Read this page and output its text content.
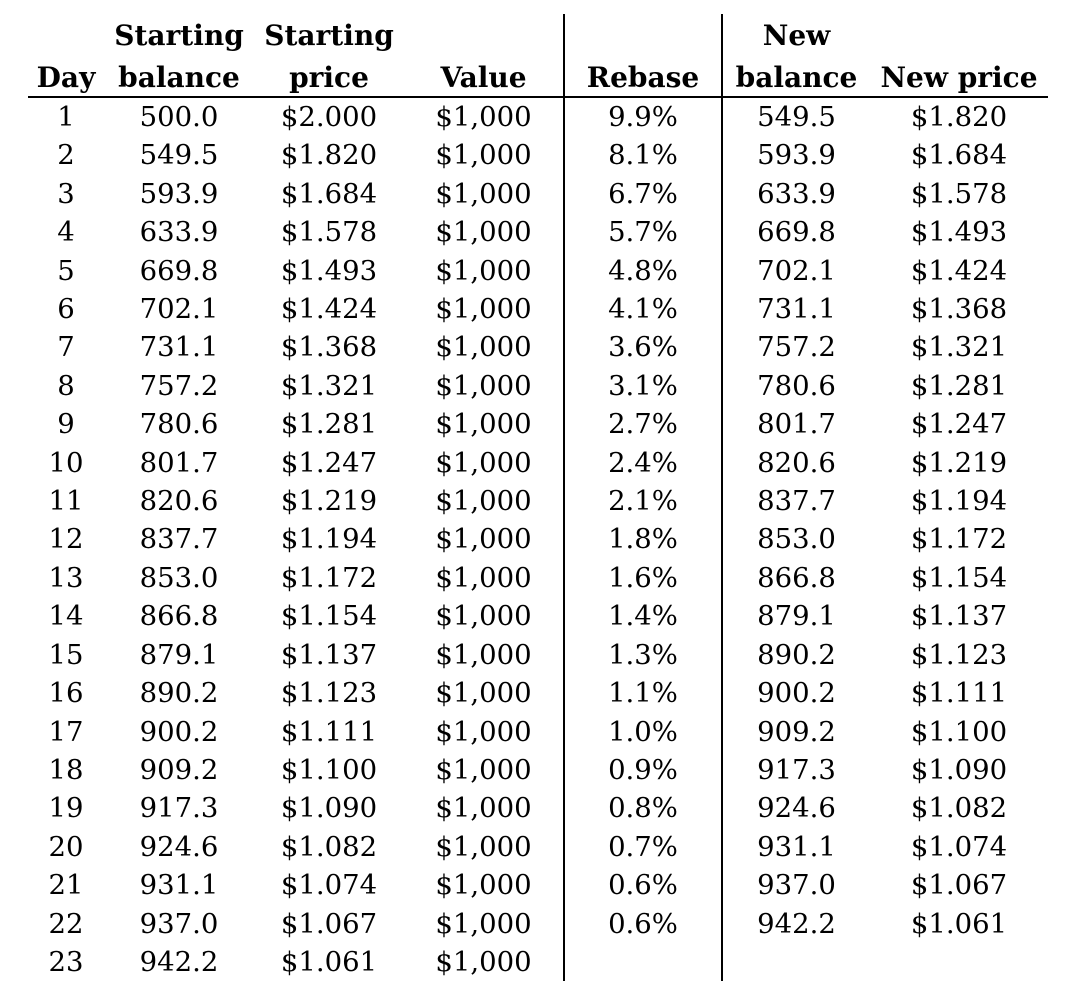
	Starting	Starting			New	
Day	balance	price	Value	Rebase	balance	New price
1	500.0	$2.000	$1,000	9.9%	549.5	$1.820
2	549.5	$1.820	$1,000	8.1%	593.9	$1.684
3	593.9	$1.684	$1,000	6.7%	633.9	$1.578
4	633.9	$1.578	$1,000	5.7%	669.8	$1.493
5	669.8	$1.493	$1,000	4.8%	702.1	$1.424
6	702.1	$1.424	$1,000	4.1%	731.1	$1.368
7	731.1	$1.368	$1,000	3.6%	757.2	$1.321
8	757.2	$1.321	$1,000	3.1%	780.6	$1.281
9	780.6	$1.281	$1,000	2.7%	801.7	$1.247
10	801.7	$1.247	$1,000	2.4%	820.6	$1.219
11	820.6	$1.219	$1,000	2.1%	837.7	$1.194
12	837.7	$1.194	$1,000	1.8%	853.0	$1.172
13	853.0	$1.172	$1,000	1.6%	866.8	$1.154
14	866.8	$1.154	$1,000	1.4%	879.1	$1.137
15	879.1	$1.137	$1,000	1.3%	890.2	$1.123
16	890.2	$1.123	$1,000	1.1%	900.2	$1.111
17	900.2	$1.111	$1,000	1.0%	909.2	$1.100
18	909.2	$1.100	$1,000	0.9%	917.3	$1.090
19	917.3	$1.090	$1,000	0.8%	924.6	$1.082
20	924.6	$1.082	$1,000	0.7%	931.1	$1.074
21	931.1	$1.074	$1,000	0.6%	937.0	$1.067
22	937.0	$1.067	$1,000	0.6%	942.2	$1.061
23	942.2	$1.061	$1,000			
